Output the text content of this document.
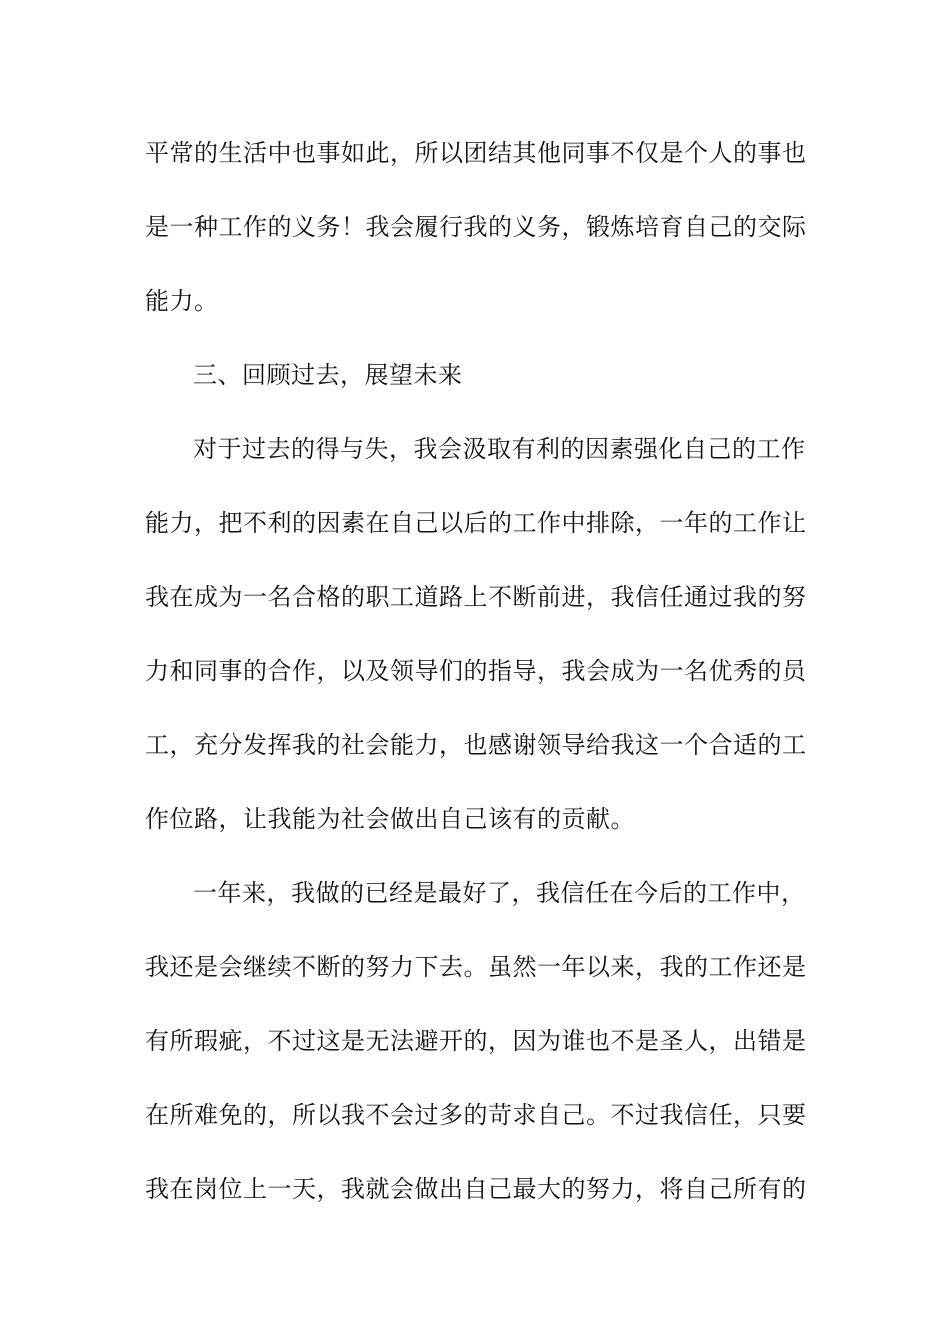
平常的生活中也事如此，所以团结其他同事不仅是个人的事也
是一种工作的义务！我会履行我的义务，锻炼培育自己的交际
能力。
三、回顾过去，展望未来
对于过去的得与失，我会汲取有利的因素强化自己的工作
能力，把不利的因素在自己以后的工作中排除，一年的工作让
我在成为一名合格的职工道路上不断前进，我信任通过我的努
力和同事的合作，以及领导们的指导，我会成为一名优秀的员
工，充分发挥我的社会能力，也感谢领导给我这一个合适的工
作位路，让我能为社会做出自己该有的贡献。
一年来，我做的已经是最好了，我信任在今后的工作中，
我还是会继续不断的努力下去。虽然一年以来，我的工作还是
有所瑕疵，不过这是无法避开的，因为谁也不是圣人，出错是
在所难免的，所以我不会过多的苛求自己。不过我信任，只要
我在岗位上一天，我就会做出自己最大的努力，将自己所有的
